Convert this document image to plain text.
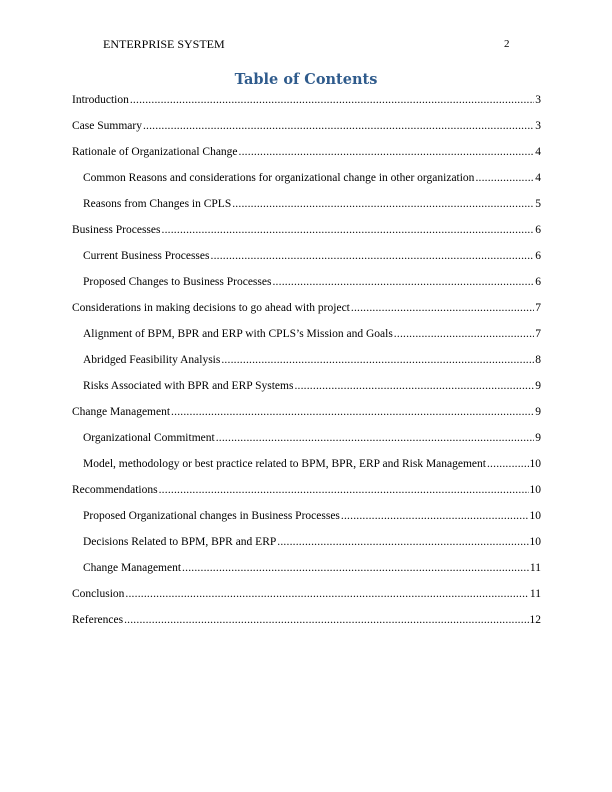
ENTERPRISE SYSTEM	2
Table of Contents
Introduction .....	3
Case Summary .....	3
Rationale of Organizational Change .....	4
Common Reasons and considerations for organizational change in other organization .....	4
Reasons from Changes in CPLS .....	5
Business Processes .....	6
Current Business Processes .....	6
Proposed Changes to Business Processes .....	6
Considerations in making decisions to go ahead with project .....	7
Alignment of BPM, BPR and ERP with CPLS’s Mission and Goals .....	7
Abridged Feasibility Analysis .....	8
Risks Associated with BPR and ERP Systems .....	9
Change Management .....	9
Organizational Commitment .....	9
Model, methodology or best practice related to BPM, BPR, ERP and Risk Management .....	10
Recommendations .....	10
Proposed Organizational changes in Business Processes .....	10
Decisions Related to BPM, BPR and ERP .....	10
Change Management .....	11
Conclusion .....	11
References .....	12
